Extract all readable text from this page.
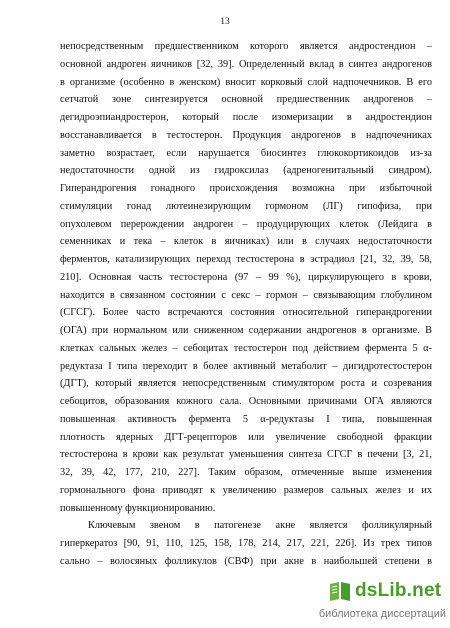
13
непосредственным предшественником которого является андростендион –
основной андроген яичников [32, 39]. Определенный вклад в синтез андрогенов
в организме (особенно в женском) вносит корковый слой надпочечников. В его
сетчатой зоне синтезируется основной предшественник андрогенов –
дегидроэпиандростерон, который после изомеризации в андростендион
восстанавливается в тестостерон. Продукция андрогенов в надпочечниках
заметно возрастает, если нарушается биосинтез глюкокортикоидов из-за
недостаточности одной из гидроксилаз (адреногенитальный синдром).
Гиперандрогения гонадного происхождения возможна при избыточной
стимуляции гонад лютеинезирующим гормоном (ЛГ) гипофиза, при
опухолевом перерождении андроген – продуцирующих клеток (Лейдига в
семенниках и тека – клеток в яичниках) или в случаях недостаточности
ферментов, катализирующих переход тестостерона в эстрадиол [21, 32, 39, 58,
210]. Основная часть тестостерона (97 – 99 %), циркулирующего в крови,
находится в связанном состоянии с секс – гормон – связывающим глобулином
(СГСГ). Более часто встречаются состояния относительной гиперандрогении
(ОГА) при нормальном или сниженном содержании андрогенов в организме. В
клетках сальных желез – себоцитах тестостерон под действием фермента 5 α-
редуктаза I типа переходит в более активный метаболит – дигидротестостерон
(ДГТ), который является непосредственным стимулятором роста и созревания
себоцитов, образования кожного сала. Основными причинами ОГА являются
повышенная активность фермента 5 α-редуктазы I типа, повышенная
плотность ядерных ДГТ-рецепторов или увеличение свободной фракции
тестостерона в крови как результат уменьшения синтеза СГСГ в печени [3, 21,
32, 39, 42, 177, 210, 227]. Таким образом, отмеченные выше изменения
гормонального фона приводят к увеличению размеров сальных желез и их
повышенному функционированию.
Ключевым звеном в патогенезе акне является фолликулярный
гиперкератоз [90, 91, 110, 125, 158, 178, 214, 217, 221, 226]. Из трех типов
сально – волосяных фолликулов (СВФ) при акне в наибольшей степени в
dsLib.net
библиотека диссертаций
